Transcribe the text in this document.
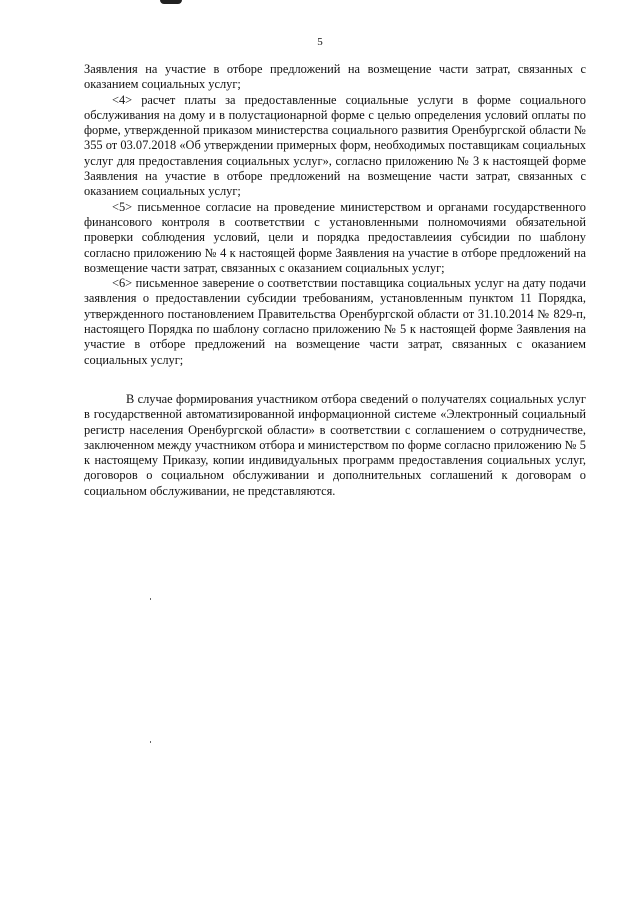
5

Заявления на участие в отборе предложений на возмещение части затрат, связанных с оказанием социальных услуг;

<4> расчет платы за предоставленные социальные услуги в форме социального обслуживания на дому и в полустационарной форме с целью определения условий оплаты по форме, утвержденной приказом министерства социального развития Оренбургской области № 355 от 03.07.2018 «Об утверждении примерных форм, необходимых поставщикам социальных услуг для предоставления социальных услуг», согласно приложению № 3 к настоящей форме Заявления на участие в отборе предложений на возмещение части затрат, связанных с оказанием социальных услуг;

<5> письменное согласие на проведение министерством и органами государственного финансового контроля в соответствии с установленными полномочиями обязательной проверки соблюдения условий, цели и порядка предоставлеиия субсидии по шаблону согласно приложению № 4 к настоящей форме Заявления на участие в отборе предложений на возмещение части затрат, связанных с оказанием социальных услуг;

<6> письменное заверение о соответствии поставщика социальных услуг на дату подачи заявления о предоставлении субсидии требованиям, установленным пунктом 11 Порядка, утвержденного постановлением Правительства Оренбургской области от 31.10.2014 № 829-п, настоящего Порядка по шаблону согласно приложению № 5 к настоящей форме Заявления на участие в отборе предложений на возмещение части затрат, связанных с оказанием социальных услуг;

В случае формирования участником отбора сведений о получателях социальных услуг в государственной автоматизированной информационной системе «Электронный социальный регистр населения Оренбургской области» в соответствии с соглашением о сотрудничестве, заключенном между участником отбора и министерством по форме согласно приложению № 5 к настоящему Приказу, копии индивидуальных программ предоставления социальных услуг, договоров о социальном обслуживании и дополнительных соглашений к договорам о социальном обслуживании, не представляются.
